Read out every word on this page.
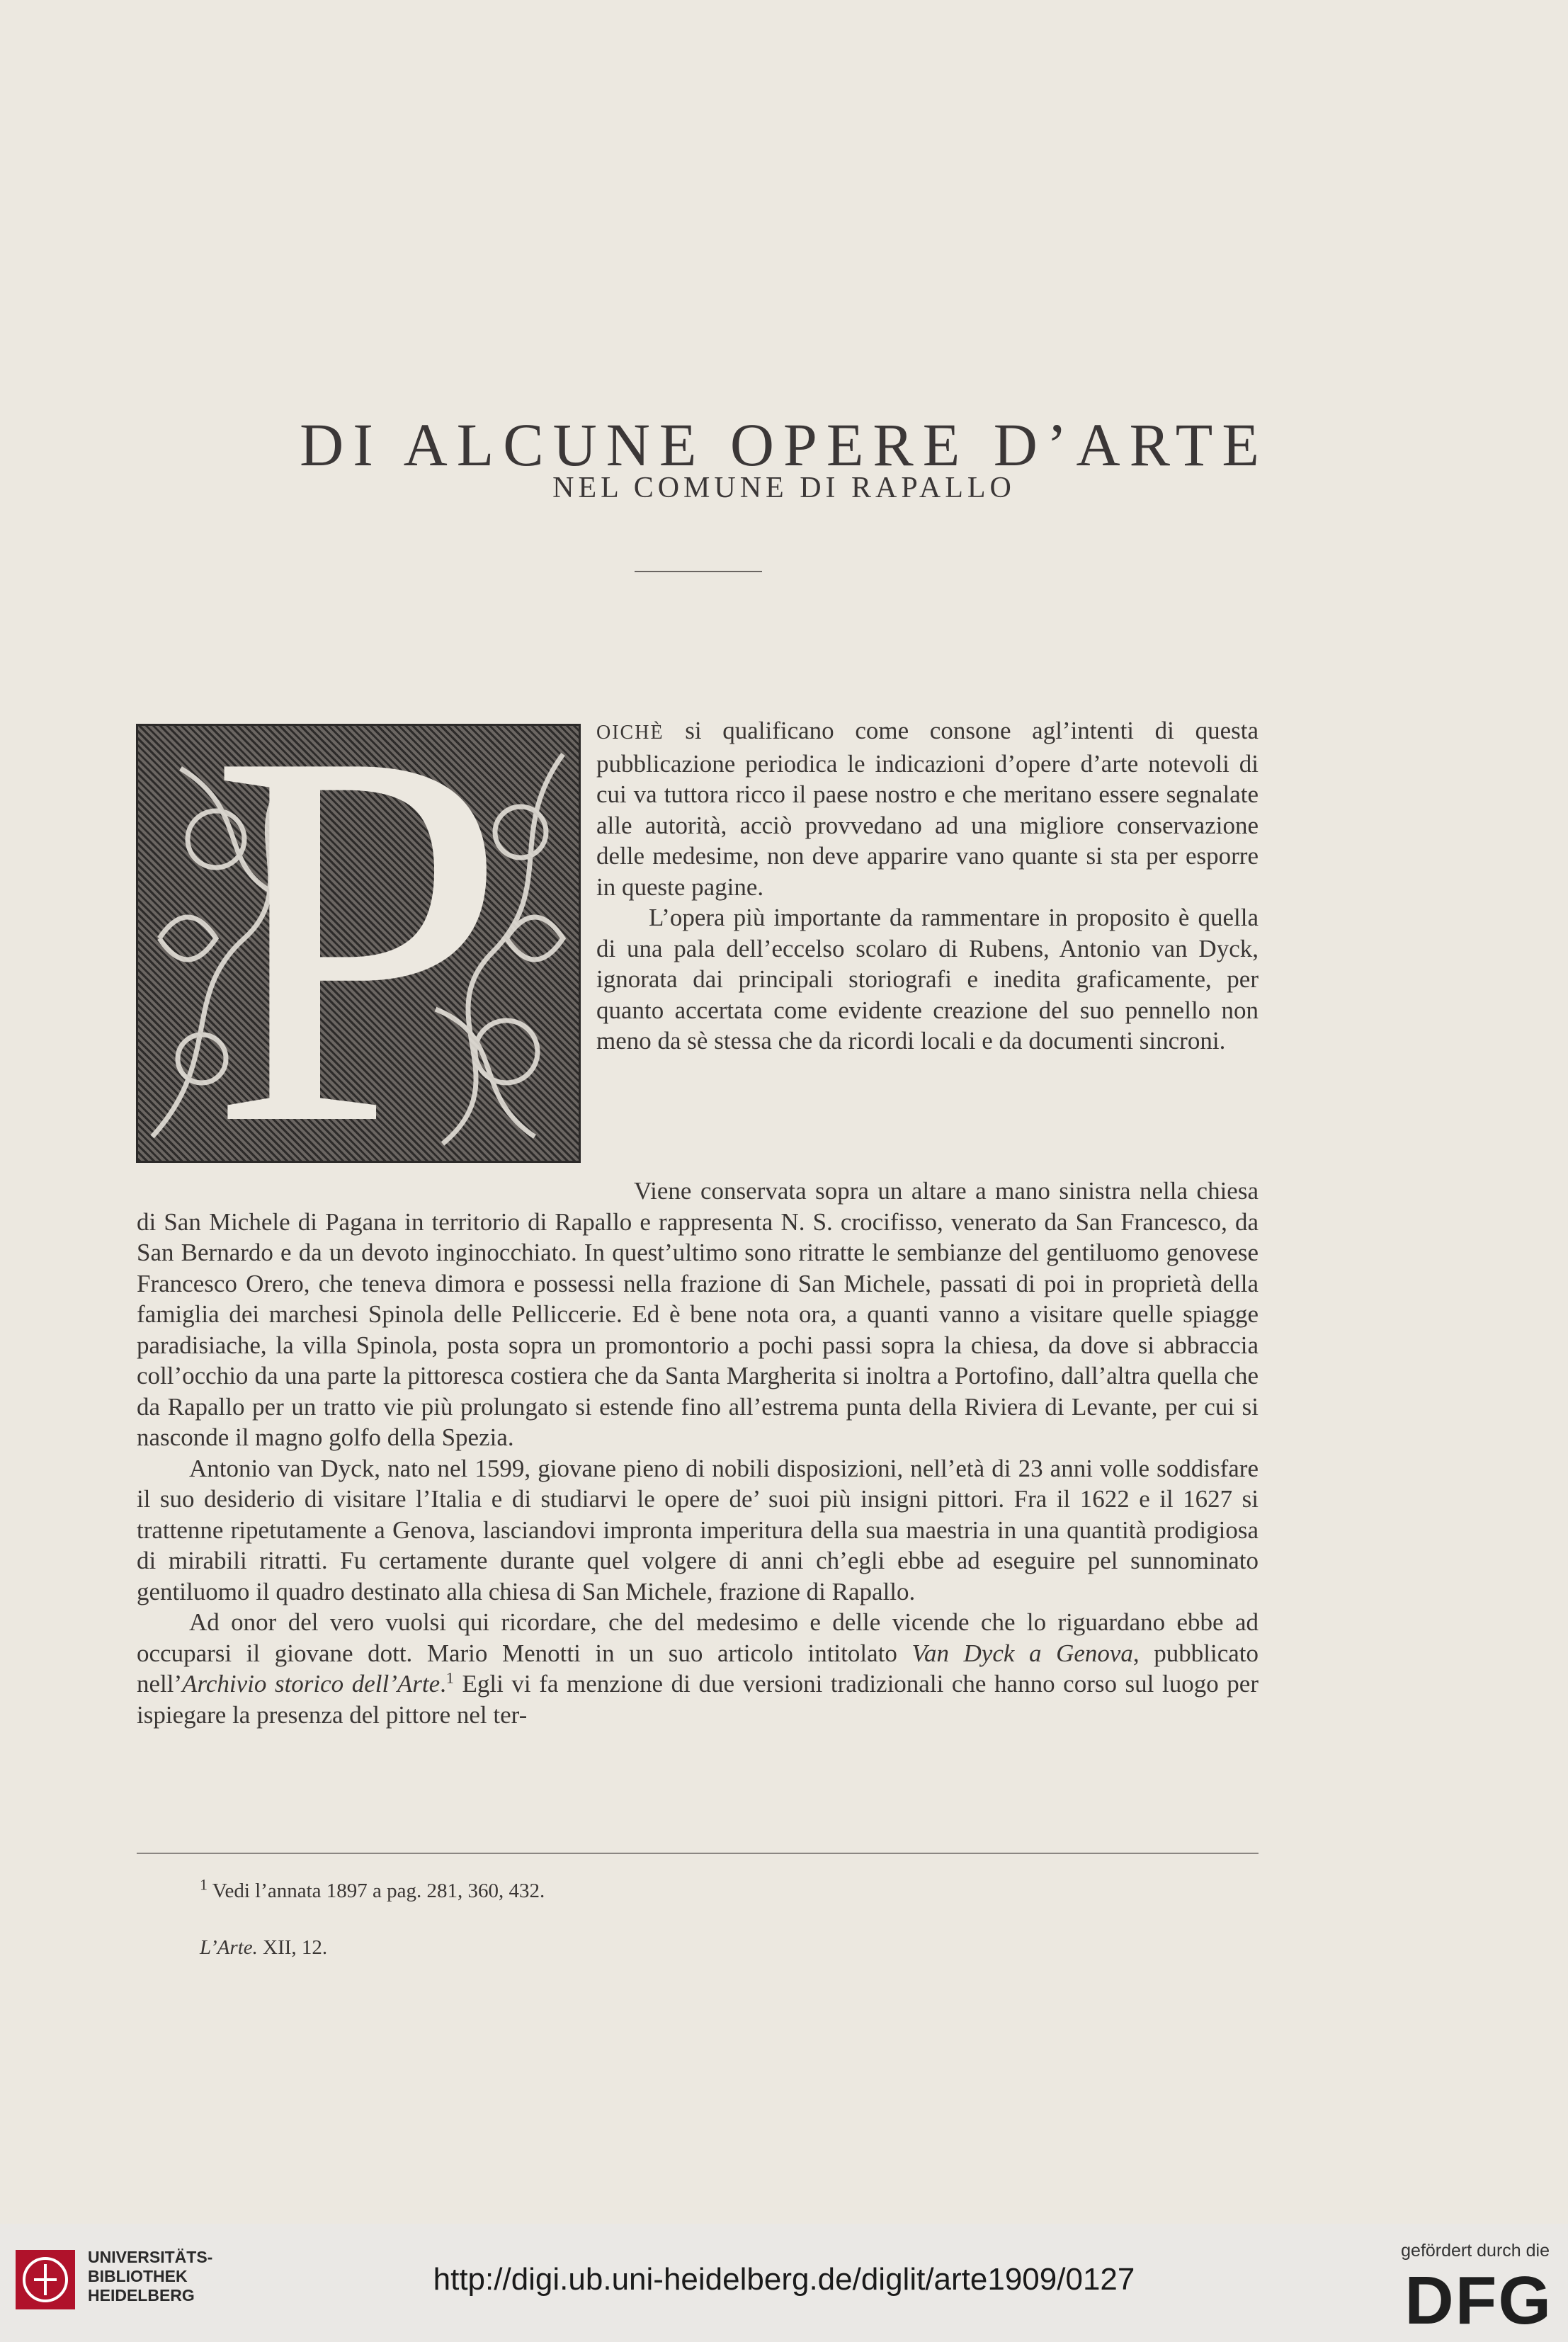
DI ALCUNE OPERE D’ARTE
NEL COMUNE DI RAPALLO
P	OICHÈ si qualificano come consone agl’intenti di questa pubblicazione periodica le indicazioni d’opere d’arte notevoli di cui va tuttora ricco il paese nostro e che meritano essere segnalate alle autorità, acciò provvedano ad una migliore conservazione delle medesime, non deve apparire vano quante si sta per esporre in queste pagine.

L’opera più importante da rammentare in proposito è quella di una pala dell’eccelso scolaro di Rubens, Antonio van Dyck, ignorata dai principali storiografi e inedita graficamente, per quanto accertata come evidente creazione del suo pennello non meno da sè stessa che da ricordi locali e da documenti sincroni.

Viene conservata sopra un altare a mano sinistra nella chiesa di San Michele di Pagana in territorio di Rapallo e rappresenta N. S. crocifisso, venerato da San Francesco, da San Bernardo e da un devoto inginocchiato. In quest’ultimo sono ritratte le sembianze del gentiluomo genovese Francesco Orero, che teneva dimora e possessi nella frazione di San Michele, passati di poi in proprietà della famiglia dei marchesi Spinola delle Pelliccerie. Ed è bene nota ora, a quanti vanno a visitare quelle spiagge paradisiache, la villa Spinola, posta sopra un promontorio a pochi passi sopra la chiesa, da dove si abbraccia coll’occhio da una parte la pittoresca costiera che da Santa Margherita si inoltra a Portofino, dall’altra quella che da Rapallo per un tratto vie più prolungato si estende fino all’estrema punta della Riviera di Levante, per cui si nasconde il magno golfo della Spezia.

Antonio van Dyck, nato nel 1599, giovane pieno di nobili disposizioni, nell’età di 23 anni volle soddisfare il suo desiderio di visitare l’Italia e di studiarvi le opere de’ suoi più insigni pittori. Fra il 1622 e il 1627 si trattenne ripetutamente a Genova, lasciandovi impronta imperitura della sua maestria in una quantità prodigiosa di mirabili ritratti. Fu certamente durante quel volgere di anni ch’egli ebbe ad eseguire pel sunnominato gentiluomo il quadro destinato alla chiesa di San Michele, frazione di Rapallo.

Ad onor del vero vuolsi qui ricordare, che del medesimo e delle vicende che lo riguardano ebbe ad occuparsi il giovane dott. Mario Menotti in un suo articolo intitolato Van Dyck a Genova, pubblicato nell’Archivio storico dell’Arte.$^1$ Egli vi fa menzione di due versioni tradizionali che hanno corso sul luogo per ispiegare la presenza del pittore nel ter-

$^1$ Vedi l’annata 1897 a pag. 281, 360, 432.
L’Arte. XII, 12.
UNIVERSITÄTS-
BIBLIOTHEK
HEIDELBERG	http://digi.ub.uni-heidelberg.de/diglit/arte1909/0127
gefördert durch die
DFG
